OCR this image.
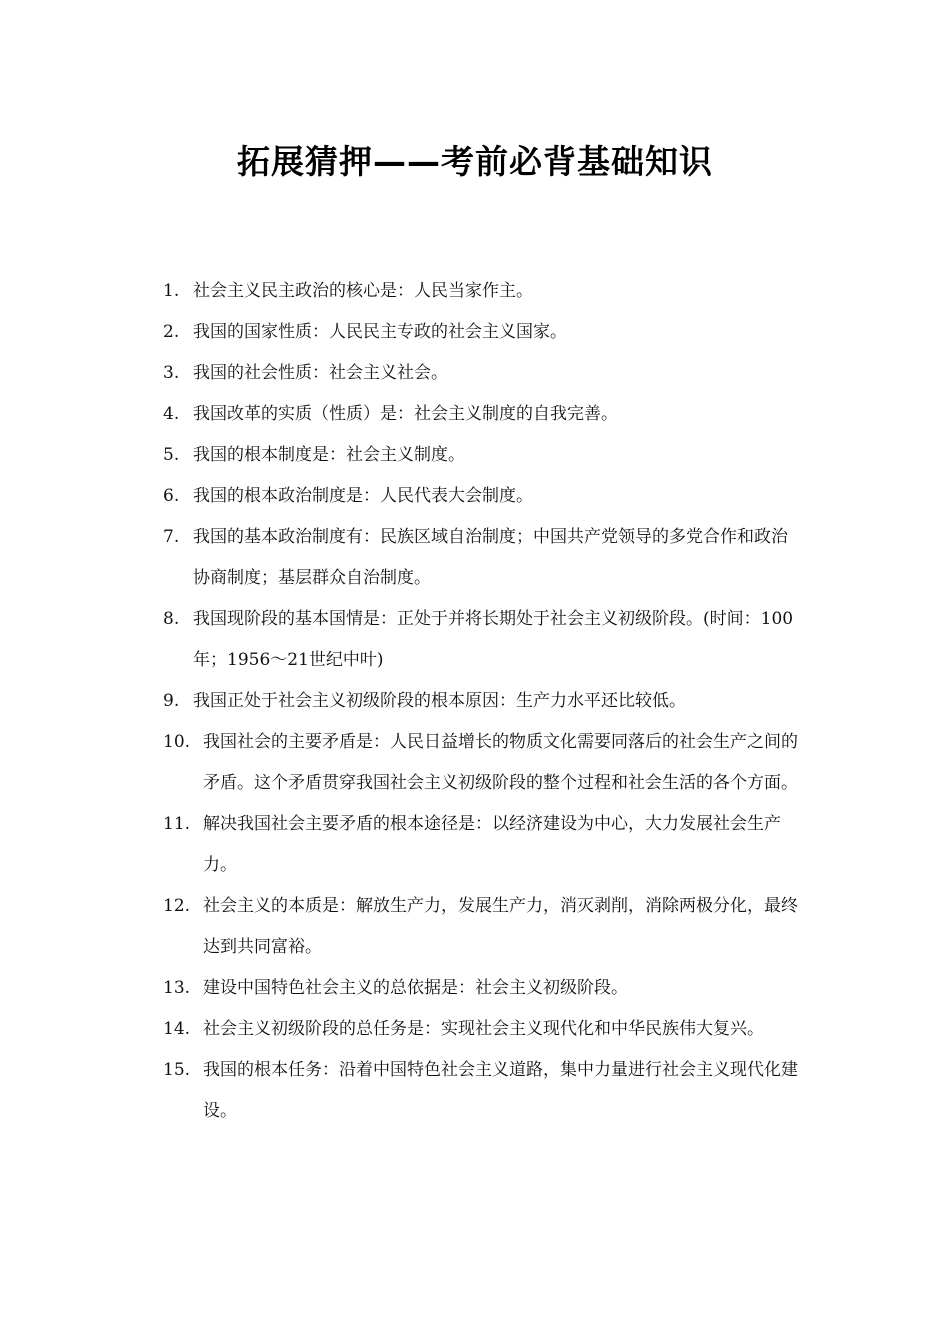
拓展猜押——考前必背基础知识
1. 社会主义民主政治的核心是：人民当家作主。
2. 我国的国家性质：人民民主专政的社会主义国家。
3. 我国的社会性质：社会主义社会。
4. 我国改革的实质（性质）是：社会主义制度的自我完善。
5. 我国的根本制度是：社会主义制度。
6. 我国的根本政治制度是：人民代表大会制度。
7. 我国的基本政治制度有：民族区域自治制度；中国共产党领导的多党合作和政治协商制度；基层群众自治制度。
8. 我国现阶段的基本国情是：正处于并将长期处于社会主义初级阶段。(时间：100年；1956～21世纪中叶)
9. 我国正处于社会主义初级阶段的根本原因：生产力水平还比较低。
10. 我国社会的主要矛盾是：人民日益增长的物质文化需要同落后的社会生产之间的矛盾。这个矛盾贯穿我国社会主义初级阶段的整个过程和社会生活的各个方面。
11. 解决我国社会主要矛盾的根本途径是：以经济建设为中心，大力发展社会生产力。
12. 社会主义的本质是：解放生产力，发展生产力，消灭剥削，消除两极分化，最终达到共同富裕。
13. 建设中国特色社会主义的总依据是：社会主义初级阶段。
14. 社会主义初级阶段的总任务是：实现社会主义现代化和中华民族伟大复兴。
15. 我国的根本任务：沿着中国特色社会主义道路，集中力量进行社会主义现代化建设。
